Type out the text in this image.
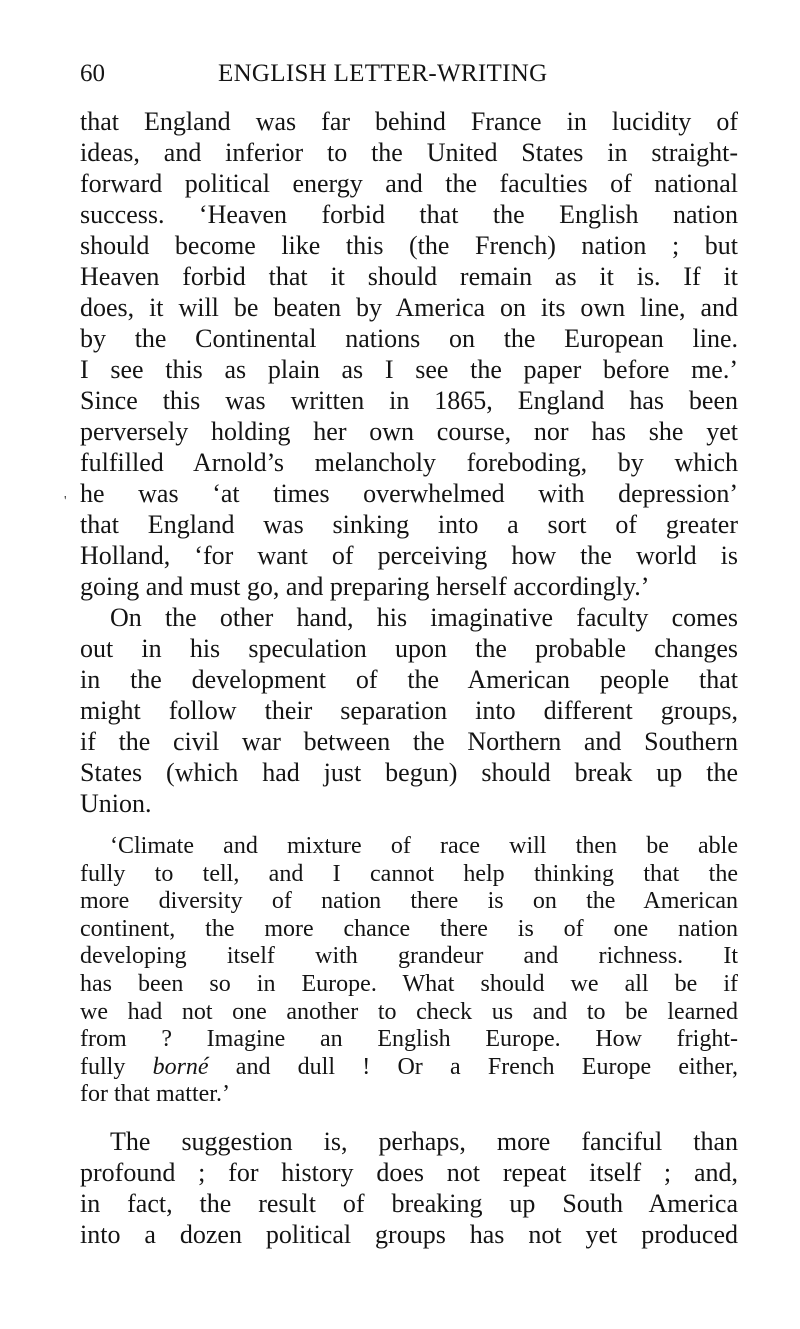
60	ENGLISH LETTER-WRITING
that England was far behind France in lucidity of
ideas, and inferior to the United States in straight-
forward political energy and the faculties of national
success. ‘Heaven forbid that the English nation
should become like this (the French) nation ; but
Heaven forbid that it should remain as it is. If it
does, it will be beaten by America on its own line, and
by the Continental nations on the European line.
I see this as plain as I see the paper before me.’
Since this was written in 1865, England has been
perversely holding her own course, nor has she yet
fulfilled Arnold’s melancholy foreboding, by which
he was ‘at times overwhelmed with depression’
that England was sinking into a sort of greater
Holland, ‘for want of perceiving how the world is
going and must go, and preparing herself accordingly.’
On the other hand, his imaginative faculty comes
out in his speculation upon the probable changes
in the development of the American people that
might follow their separation into different groups,
if the civil war between the Northern and Southern
States (which had just begun) should break up the
Union.
‘Climate and mixture of race will then be able
fully to tell, and I cannot help thinking that the
more diversity of nation there is on the American
continent, the more chance there is of one nation
developing itself with grandeur and richness. It
has been so in Europe. What should we all be if
we had not one another to check us and to be learned
from ? Imagine an English Europe. How fright-
fully borné and dull ! Or a French Europe either,
for that matter.’
The suggestion is, perhaps, more fanciful than
profound ; for history does not repeat itself ; and,
in fact, the result of breaking up South America
into a dozen political groups has not yet produced
'
